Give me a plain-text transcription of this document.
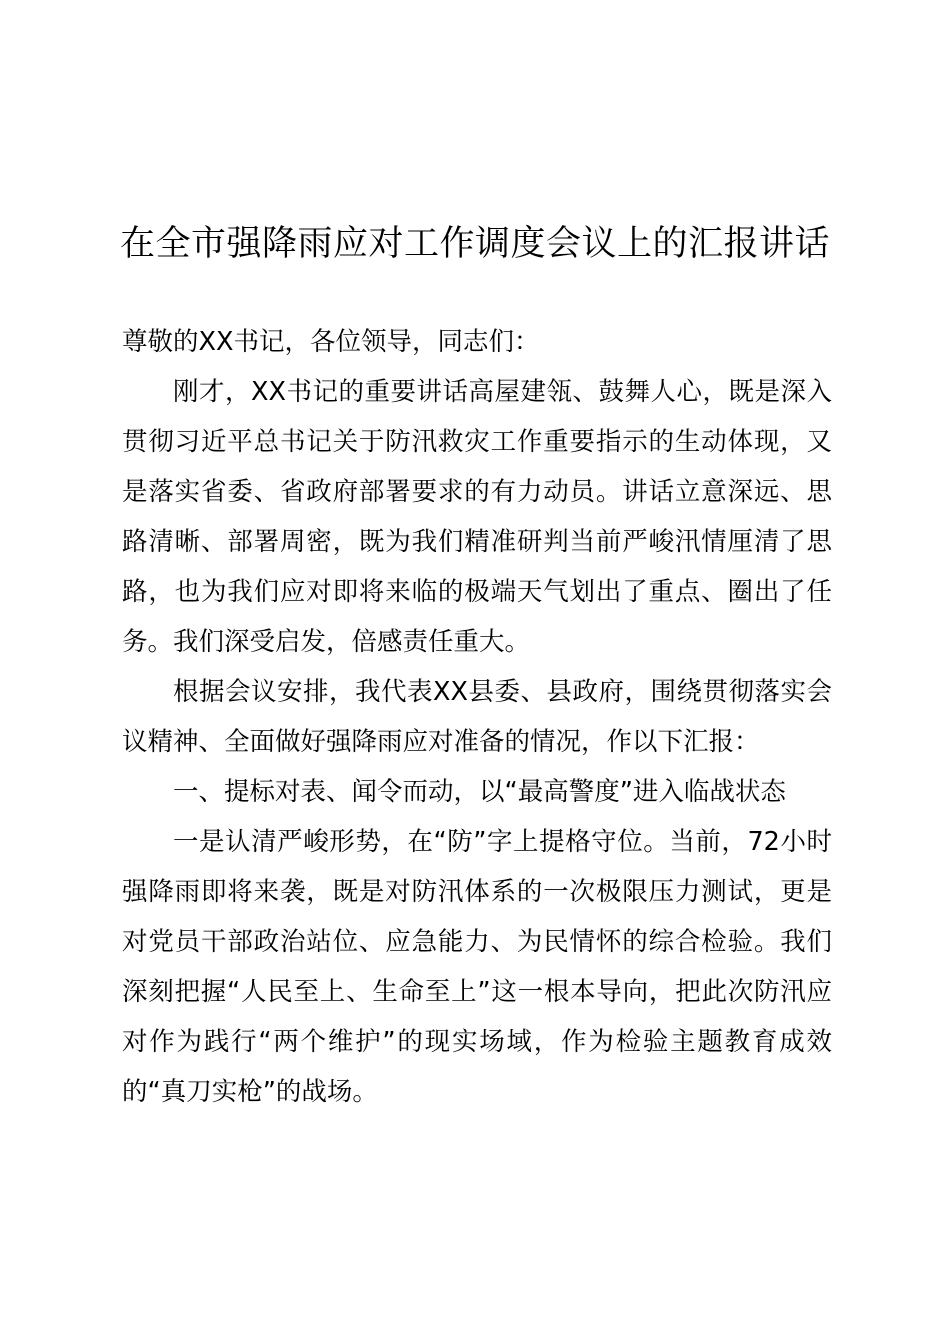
在全市强降雨应对工作调度会议上的汇报讲话

尊敬的XX书记，各位领导，同志们：

刚才，XX书记的重要讲话高屋建瓴、鼓舞人心，既是深入贯彻习近平总书记关于防汛救灾工作重要指示的生动体现，又是落实省委、省政府部署要求的有力动员。讲话立意深远、思路清晰、部署周密，既为我们精准研判当前严峻汛情厘清了思路，也为我们应对即将来临的极端天气划出了重点、圈出了任务。我们深受启发，倍感责任重大。

根据会议安排，我代表XX县委、县政府，围绕贯彻落实会议精神、全面做好强降雨应对准备的情况，作以下汇报：

一、提标对表、闻令而动，以“最高警度”进入临战状态

一是认清严峻形势，在“防”字上提格守位。当前，72小时强降雨即将来袭，既是对防汛体系的一次极限压力测试，更是对党员干部政治站位、应急能力、为民情怀的综合检验。我们深刻把握“人民至上、生命至上”这一根本导向，把此次防汛应对作为践行“两个维护”的现实场域，作为检验主题教育成效的“真刀实枪”的战场。
